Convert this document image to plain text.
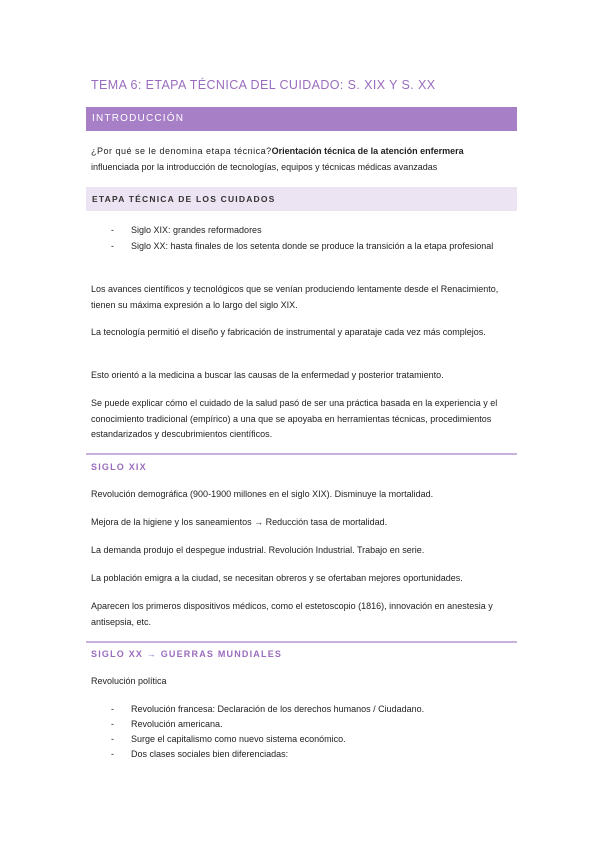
TEMA 6: ETAPA TÉCNICA DEL CUIDADO: S. XIX Y S. XX
INTRODUCCIÓN
¿Por qué se le denomina etapa técnica?Orientación técnica de la atención enfermera
influenciada por la introducción de tecnologías, equipos y técnicas médicas avanzadas
ETAPA TÉCNICA DE LOS CUIDADOS
- Siglo XIX: grandes reformadores
- Siglo XX: hasta finales de los setenta donde se produce la transición a la etapa profesional
Los avances científicos y tecnológicos que se venían produciendo lentamente desde el Renacimiento, tienen su máxima expresión a lo largo del siglo XIX.
La tecnología permitió el diseño y fabricación de instrumental y aparataje cada vez más complejos.
Esto orientó a la medicina a buscar las causas de la enfermedad y posterior tratamiento.
Se puede explicar cómo el cuidado de la salud pasó de ser una práctica basada en la experiencia y el conocimiento tradicional (empírico) a una que se apoyaba en herramientas técnicas, procedimientos estandarizados y descubrimientos científicos.
SIGLO XIX
Revolución demográfica (900-1900 millones en el siglo XIX). Disminuye la mortalidad.
Mejora de la higiene y los saneamientos → Reducción tasa de mortalidad.
La demanda produjo el despegue industrial. Revolución Industrial. Trabajo en serie.
La población emigra a la ciudad, se necesitan obreros y se ofertaban mejores oportunidades.
Aparecen los primeros dispositivos médicos, como el estetoscopio (1816), innovación en anestesia y antisepsia, etc.
SIGLO XX → GUERRAS MUNDIALES
Revolución política
- Revolución francesa: Declaración de los derechos humanos / Ciudadano.
- Revolución americana.
- Surge el capitalismo como nuevo sistema económico.
- Dos clases sociales bien diferenciadas:
